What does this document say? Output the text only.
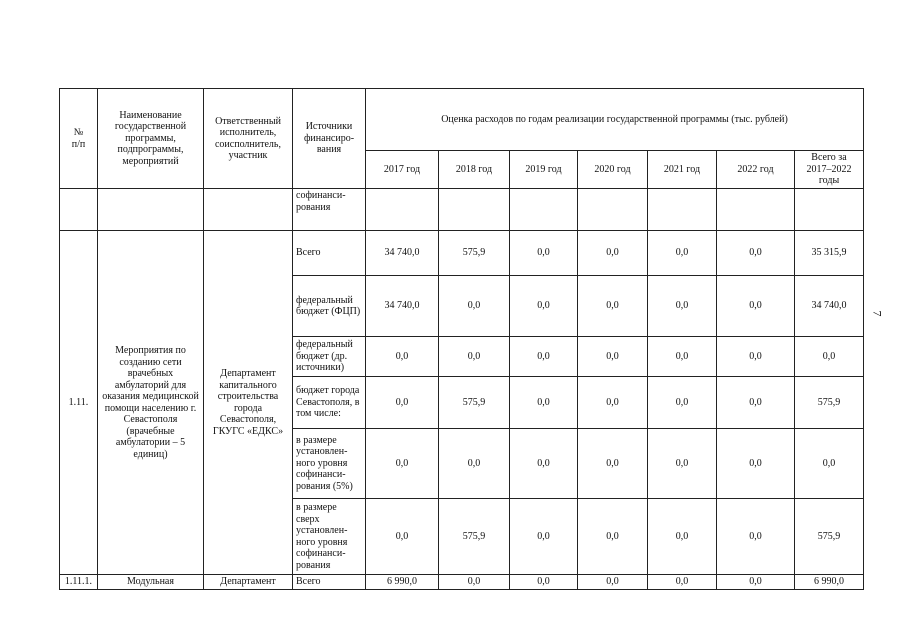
7
№
п/п	Наименование государственной программы, подпрограммы, мероприятий	Ответственный исполнитель, соисполнитель, участник	Источники финансиро-вания	Оценка расходов по годам реализации государственной программы (тыс. рублей)						
				2017 год	2018 год	2019 год	2020 год	2021 год	2022 год	Всего за 2017–2022 годы
			софинанси-рования							
1.11.	Мероприятия по созданию сети врачебных амбулаторий для оказания медицинской помощи населению г. Севастополя (врачебные амбулатории – 5 единиц)	Департамент капитального строительства города Севастополя, ГКУГС «ЕДКС»	Всего	34 740,0	575,9	0,0	0,0	0,0	0,0	35 315,9
			федеральный бюджет (ФЦП)	34 740,0	0,0	0,0	0,0	0,0	0,0	34 740,0
			федеральный бюджет (др. источники)	0,0	0,0	0,0	0,0	0,0	0,0	0,0
			бюджет города Севастополя, в том числе:	0,0	575,9	0,0	0,0	0,0	0,0	575,9
			в размере установлен-ного уровня софинанси-рования (5%)	0,0	0,0	0,0	0,0	0,0	0,0	0,0
			в размере сверх установлен-ного уровня софинанси-рования	0,0	575,9	0,0	0,0	0,0	0,0	575,9
1.11.1.	Модульная	Департамент	Всего	6 990,0	0,0	0,0	0,0	0,0	0,0	6 990,0
